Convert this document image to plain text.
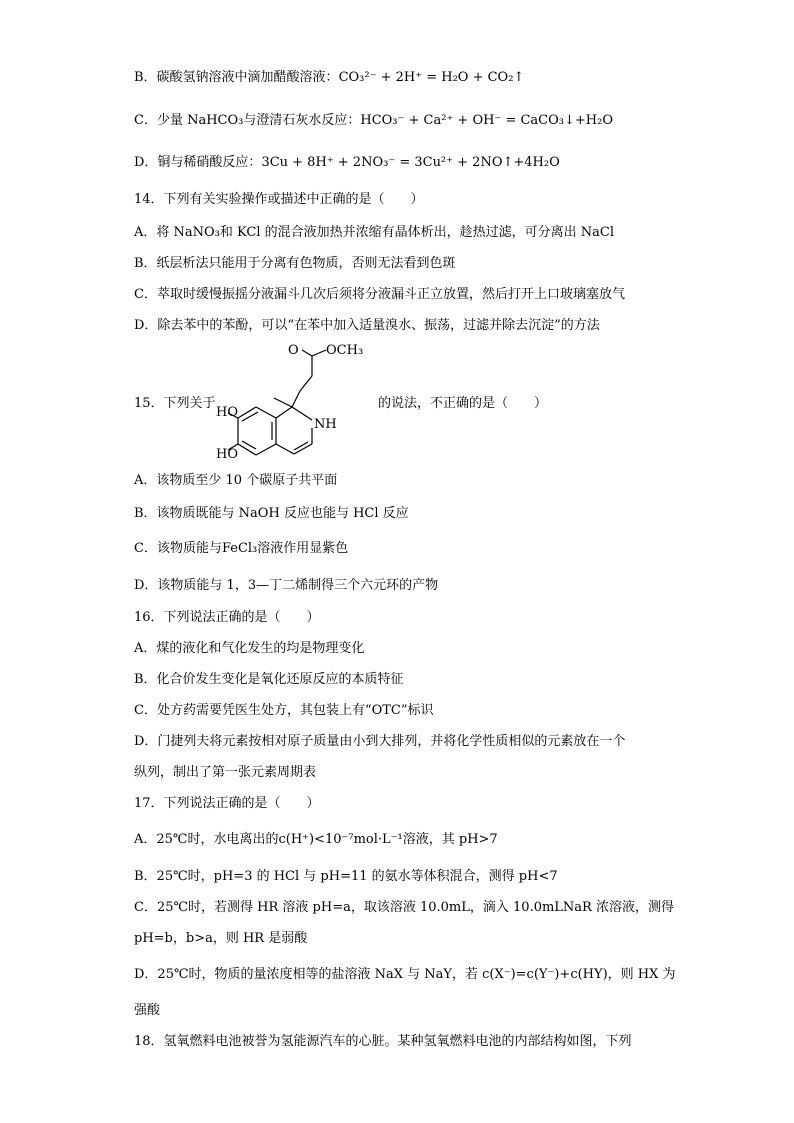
B．碳酸氢钠溶液中滴加醋酸溶液：CO₃²⁻ + 2H⁺ = H₂O + CO₂↑
C．少量 NaHCO₃与澄清石灰水反应：HCO₃⁻ + Ca²⁺ + OH⁻ = CaCO₃↓+H₂O
D．铜与稀硝酸反应：3Cu + 8H⁺ + 2NO₃⁻ = 3Cu²⁺ + 2NO↑+4H₂O
14．下列有关实验操作或描述中正确的是（　　）
A．将 NaNO₃和 KCl 的混合液加热并浓缩有晶体析出，趁热过滤，可分离出 NaCl
B．纸层析法只能用于分离有色物质，否则无法看到色斑
C．萃取时缓慢振摇分液漏斗几次后须将分液漏斗正立放置，然后打开上口玻璃塞放气
D．除去苯中的苯酚，可以“在苯中加入适量溴水、振荡，过滤并除去沉淀”的方法
15．下列关于	的说法，不正确的是（　　）
O OCH₃
HO
HO
NH
A．该物质至少 10 个碳原子共平面
B．该物质既能与 NaOH 反应也能与 HCl 反应
C．该物质能与FeCl₃溶液作用显紫色
D．该物质能与 1，3—丁二烯制得三个六元环的产物
16．下列说法正确的是（　　）
A．煤的液化和气化发生的均是物理变化
B．化合价发生变化是氧化还原反应的本质特征
C．处方药需要凭医生处方，其包装上有“OTC”标识
D．门捷列夫将元素按相对原子质量由小到大排列，并将化学性质相似的元素放在一个
纵列，制出了第一张元素周期表
17．下列说法正确的是（　　）
A．25℃时，水电离出的c(H⁺)<10⁻⁷mol·L⁻¹溶液，其 pH>7
B．25℃时，pH=3 的 HCl 与 pH=11 的氨水等体积混合，测得 pH<7
C．25℃时，若测得 HR 溶液 pH=a，取该溶液 10.0mL，滴入 10.0mLNaR 浓溶液，测得
pH=b，b>a，则 HR 是弱酸
D．25℃时，物质的量浓度相等的盐溶液 NaX 与 NaY，若 c(X⁻)=c(Y⁻)+c(HY)，则 HX 为
强酸
18．氢氧燃料电池被誉为氢能源汽车的心脏。某种氢氧燃料电池的内部结构如图，下列
